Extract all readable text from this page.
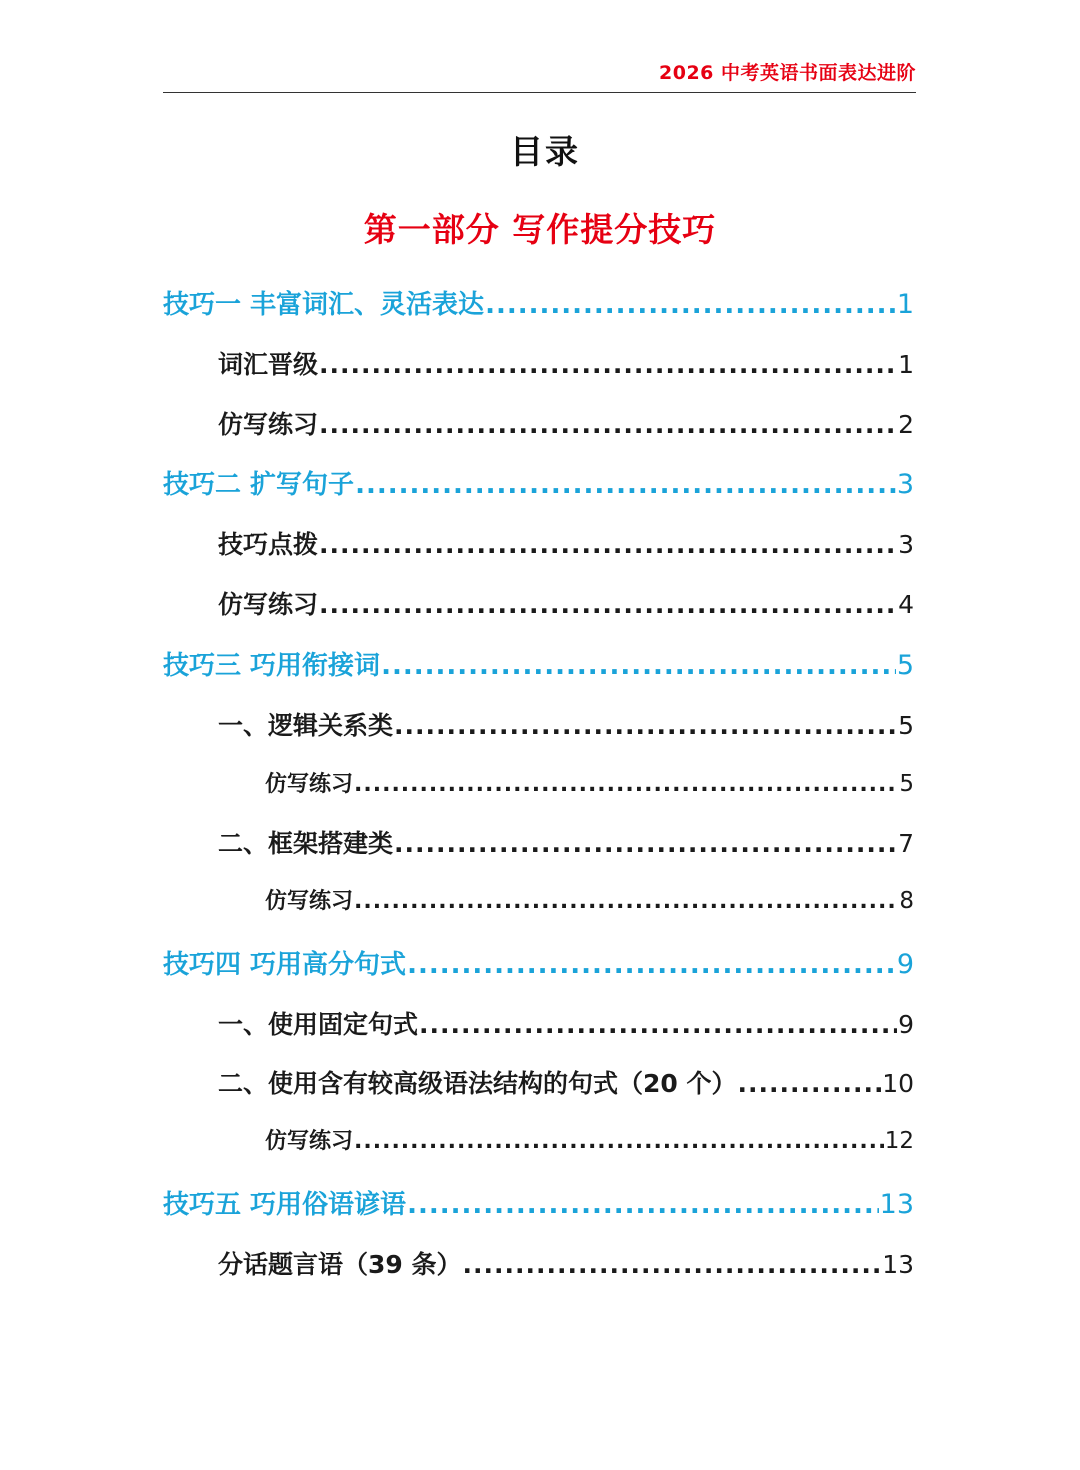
2026 中考英语书面表达进阶
目录
第一部分 写作提分技巧
技巧一 丰富词汇、灵活表达 .....	1
词汇晋级 .....	1
仿写练习 .....	2
技巧二 扩写句子 .....	3
技巧点拨 .....	3
仿写练习 .....	4
技巧三 巧用衔接词 .....	5
一、逻辑关系类 .....	5
仿写练习 .....	5
二、框架搭建类 .....	7
仿写练习 .....	8
技巧四 巧用高分句式 .....	9
一、使用固定句式 .....	9
二、使用含有较高级语法结构的句式（20 个） .....	10
仿写练习 .....	12
技巧五 巧用俗语谚语 .....	13
分话题言语（39 条） .....	13
